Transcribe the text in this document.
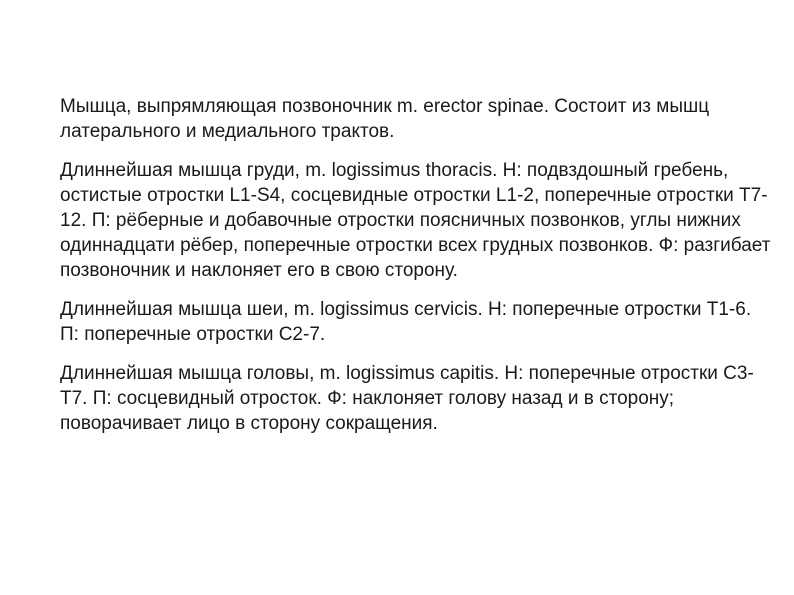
Мышца, выпрямляющая позвоночник m. erector spinae. Состоит из мышц латерального и медиального трактов.

Длиннейшая мышца груди, m. logissimus thoracis. Н: подвздошный гребень, остистые отростки L1-S4, сосцевидные отростки L1-2, поперечные отростки Т7-12. П: рёберные и добавочные отростки поясничных позвонков, углы нижних одиннадцати рёбер, поперечные отростки всех грудных позвонков. Ф: разгибает позвоночник и наклоняет его в свою сторону.

Длиннейшая мышца шеи, m. logissimus cervicis. Н: поперечные отростки Т1-6. П: поперечные отростки С2-7.

Длиннейшая мышца головы, m. logissimus capitis. Н: поперечные отростки С3-Т7. П: сосцевидный отросток. Ф: наклоняет голову назад и в сторону; поворачивает лицо в сторону сокращения.
